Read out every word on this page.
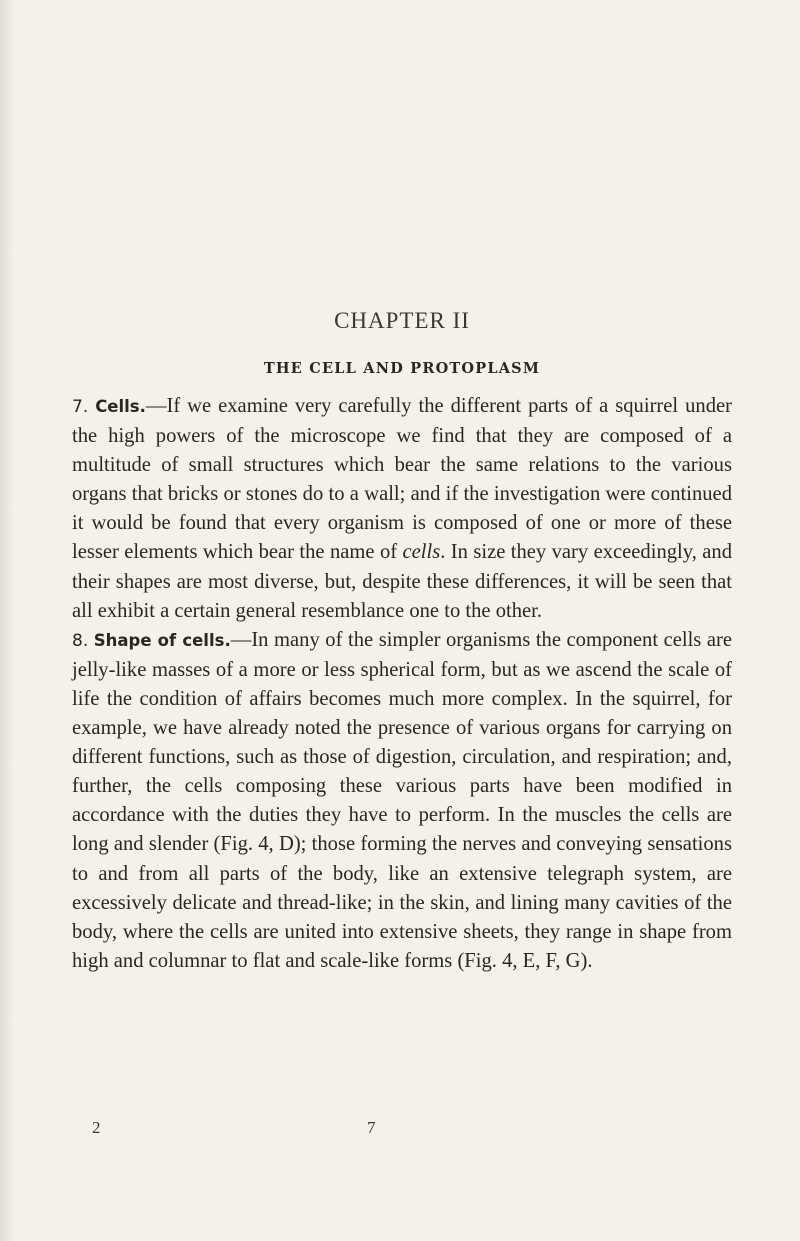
CHAPTER II
THE CELL AND PROTOPLASM

7. Cells.—If we examine very carefully the different parts of a squirrel under the high powers of the microscope we find that they are composed of a multitude of small structures which bear the same relations to the various organs that bricks or stones do to a wall; and if the investigation were continued it would be found that every organism is composed of one or more of these lesser elements which bear the name of cells. In size they vary exceedingly, and their shapes are most diverse, but, despite these differences, it will be seen that all exhibit a certain general resemblance one to the other.

8. Shape of cells.—In many of the simpler organisms the component cells are jelly-like masses of a more or less spherical form, but as we ascend the scale of life the condition of affairs becomes much more complex. In the squirrel, for example, we have already noted the presence of various organs for carrying on different functions, such as those of digestion, circulation, and respiration; and, further, the cells composing these various parts have been modified in accordance with the duties they have to perform. In the muscles the cells are long and slender (Fig. 4, D); those forming the nerves and conveying sensations to and from all parts of the body, like an extensive telegraph system, are excessively delicate and thread-like; in the skin, and lining many cavities of the body, where the cells are united into extensive sheets, they range in shape from high and columnar to flat and scale-like forms (Fig. 4, E, F, G).

2	7
